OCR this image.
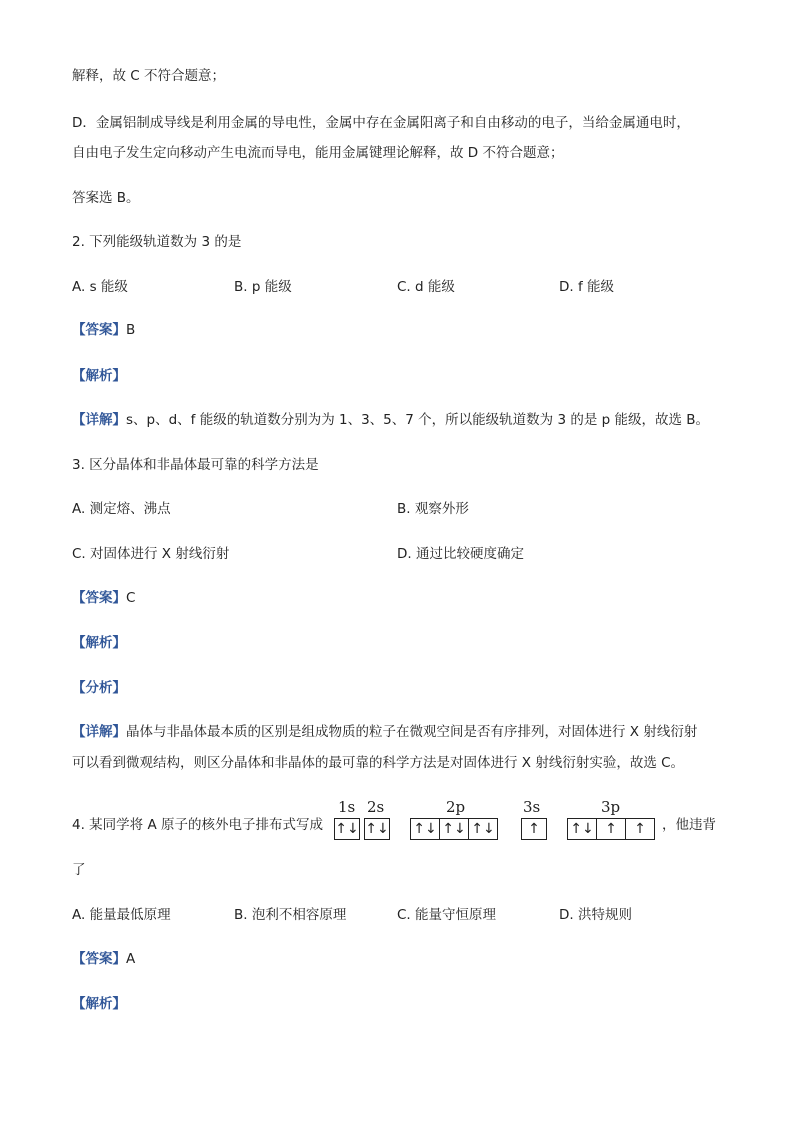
解释，故 C 不符合题意；
D．金属铝制成导线是利用金属的导电性，金属中存在金属阳离子和自由移动的电子，当给金属通电时，
自由电子发生定向移动产生电流而导电，能用金属键理论解释，故 D 不符合题意；
答案选 B。
2. 下列能级轨道数为 3 的是
A. s 能级	B. p 能级	C. d 能级	D. f 能级
【答案】B
【解析】
【详解】s、p、d、f 能级的轨道数分别为为 1、3、5、7 个，所以能级轨道数为 3 的是 p 能级，故选 B。
3. 区分晶体和非晶体最可靠的科学方法是
A. 测定熔、沸点	B. 观察外形
C. 对固体进行 X 射线衍射	D. 通过比较硬度确定
【答案】C
【解析】
【分析】
【详解】晶体与非晶体最本质的区别是组成物质的粒子在微观空间是否有序排列，对固体进行 X 射线衍射
可以看到微观结构，则区分晶体和非晶体的最可靠的科学方法是对固体进行 X 射线衍射实验，故选 C。
4. 某同学将 A 原子的核外电子排布式写成
1s 2s	2p	3s	3p
↑↓ ↑↓ ↑↓ ↑↓ ↑↓	↑	↑↓ ↑ ↑	，他违背
了
A. 能量最低原理	B. 泡利不相容原理	C. 能量守恒原理	D. 洪特规则
【答案】A
【解析】
